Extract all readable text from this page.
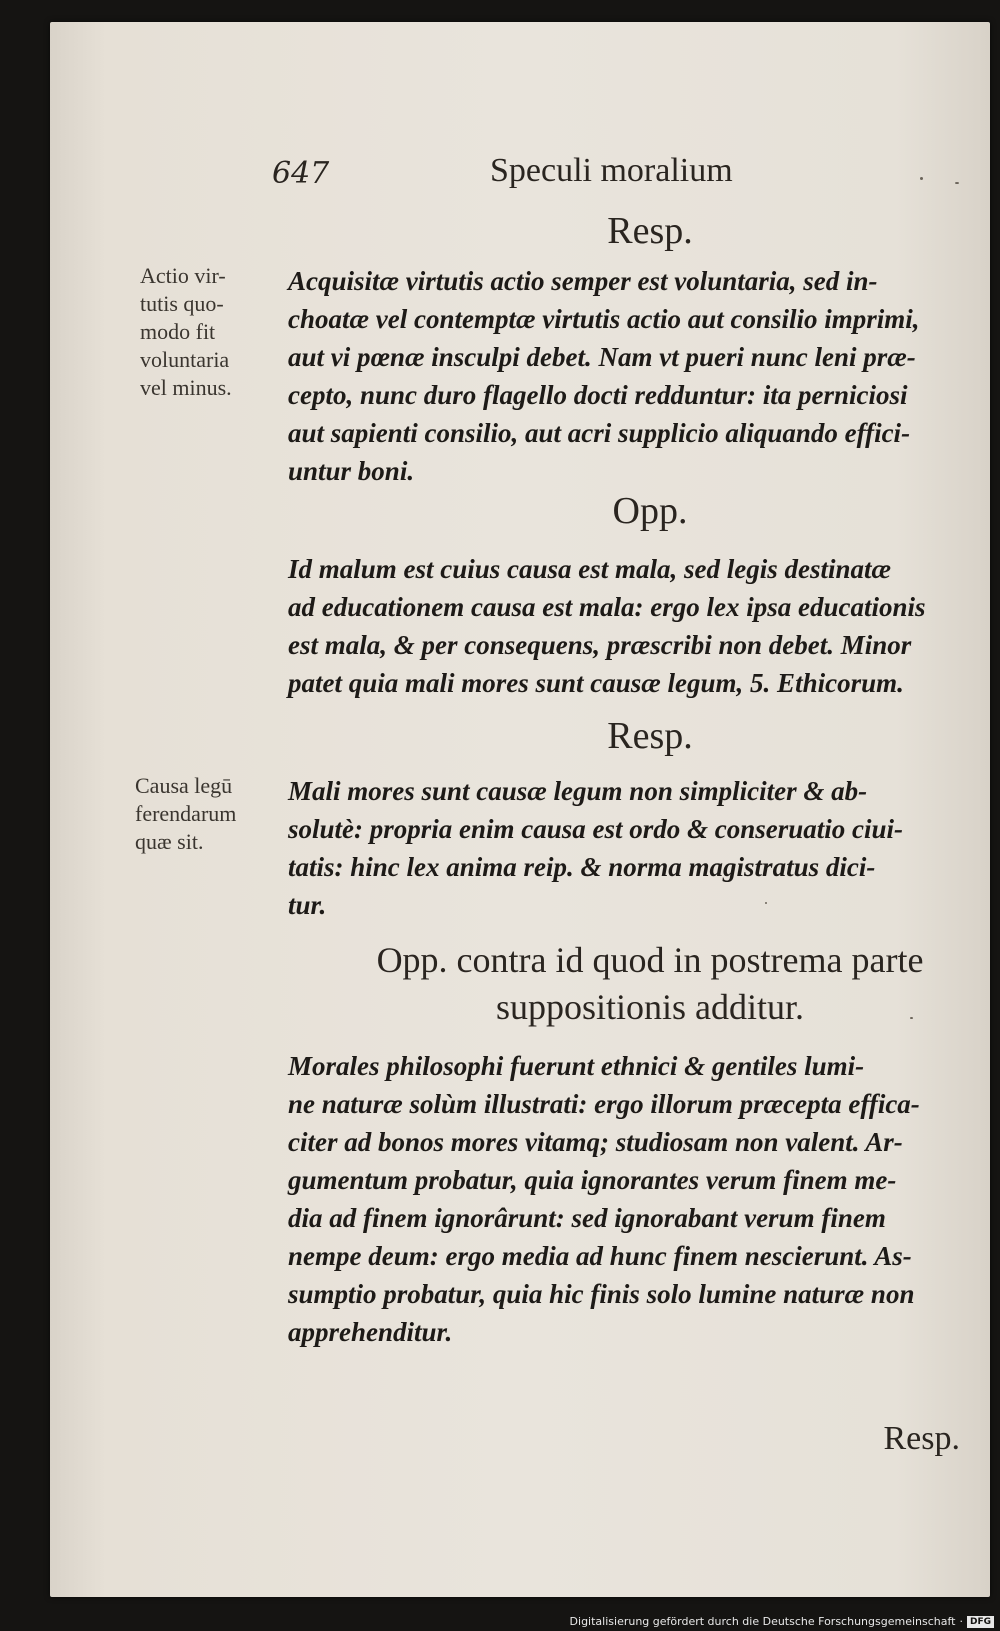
647	Speculi moralium
Resp.
Actio vir-
tutis quo-
modo fit
voluntaria
vel minus.
Acquisitæ virtutis actio semper est voluntaria, sed in-
choatæ vel contemptæ virtutis actio aut consilio imprimi,
aut vi pœnæ insculpi debet. Nam vt pueri nunc leni præ-
cepto, nunc duro flagello docti redduntur: ita perniciosi
aut sapienti consilio, aut acri supplicio aliquando effici-
untur boni.
Opp.
Id malum est cuius causa est mala, sed legis destinatæ
ad educationem causa est mala: ergo lex ipsa educationis
est mala, & per consequens, præscribi non debet. Minor
patet quia mali mores sunt causæ legum, 5. Ethicorum.
Resp.
Causa legū
ferendarum
quæ sit.
Mali mores sunt causæ legum non simpliciter & ab-
solutè: propria enim causa est ordo & conseruatio ciui-
tatis: hinc lex anima reip. & norma magistratus dici-
tur.
Opp. contra id quod in postrema parte
suppositionis additur.
Morales philosophi fuerunt ethnici & gentiles lumi-
ne naturæ solùm illustrati: ergo illorum præcepta effica-
citer ad bonos mores vitamq; studiosam non valent. Ar-
gumentum probatur, quia ignorantes verum finem me-
dia ad finem ignorârunt: sed ignorabant verum finem
nempe deum: ergo media ad hunc finem nescierunt. As-
sumptio probatur, quia hic finis solo lumine naturæ non
apprehenditur.
Resp.
Digitalisierung gefördert durch die Deutsche Forschungsgemeinschaft · DFG
